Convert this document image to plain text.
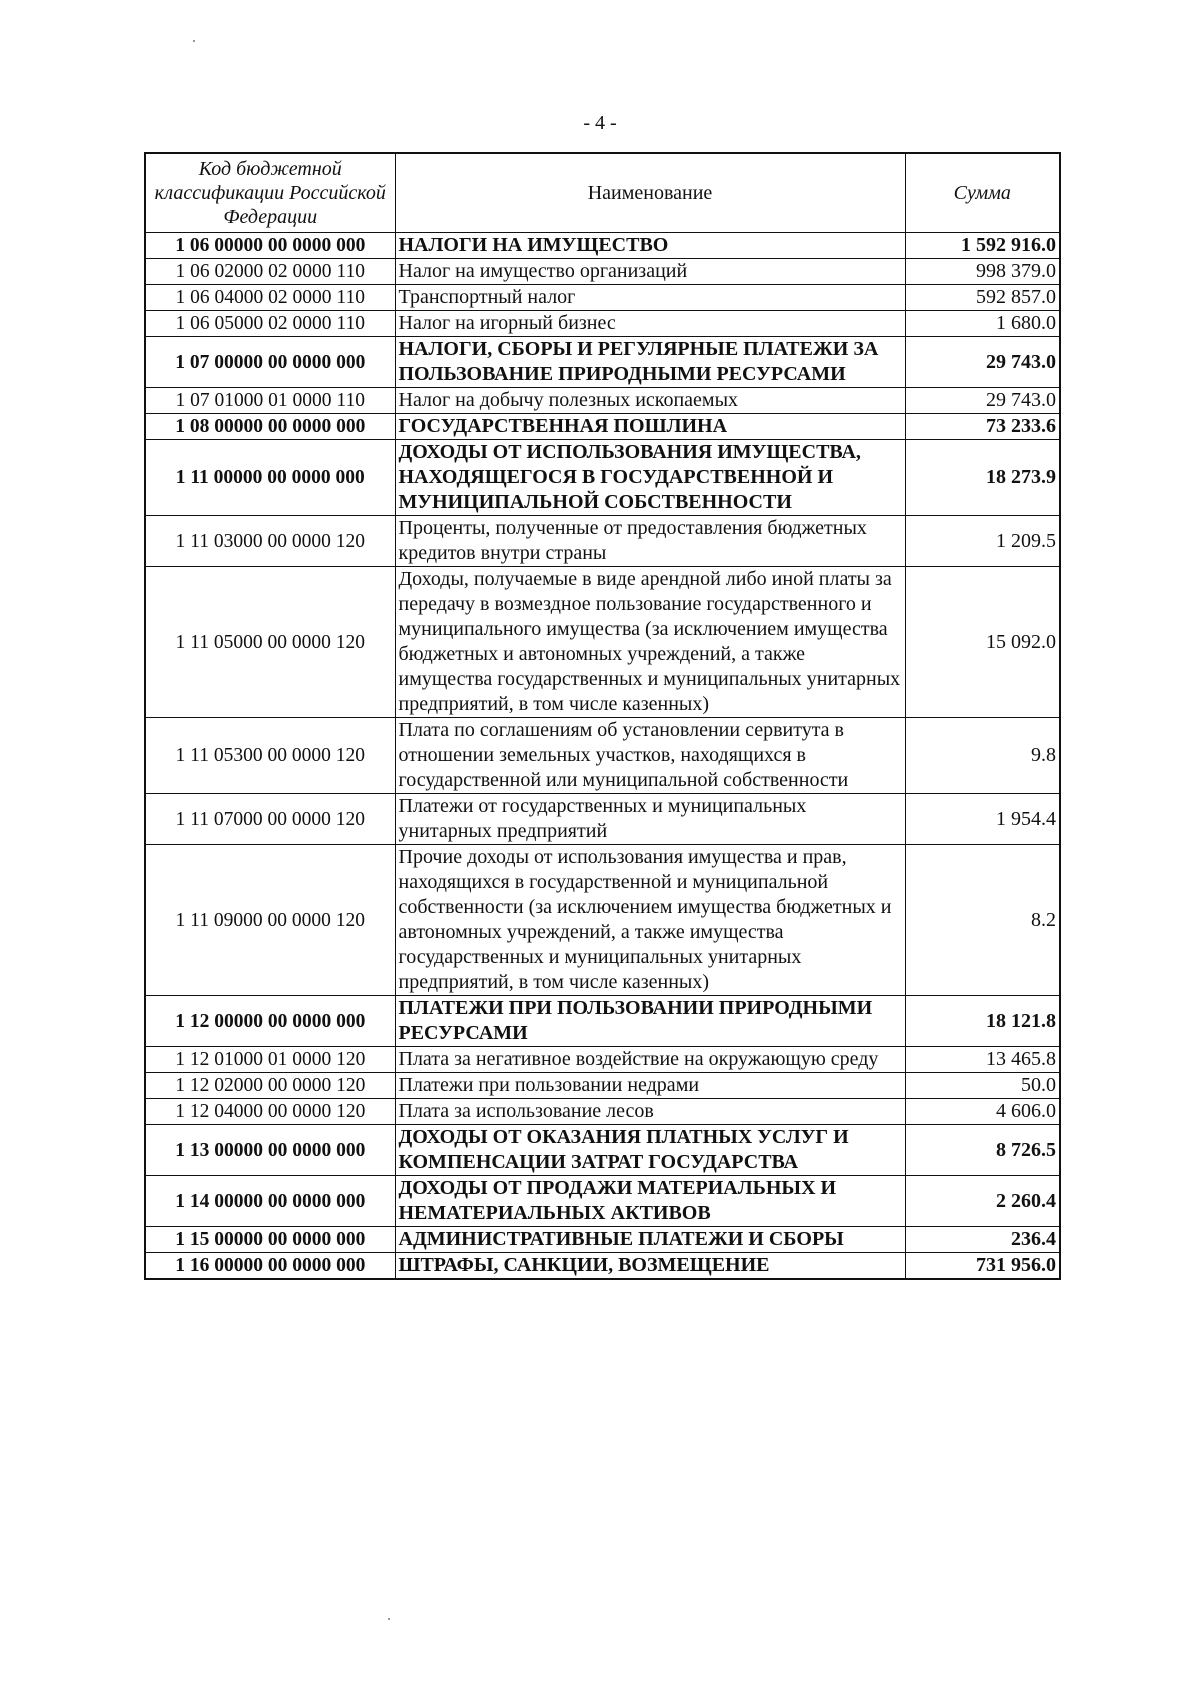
- 4 -
Код бюджетной классификации Российской Федерации	Наименование	Сумма
1 06 00000 00 0000 000	НАЛОГИ НА ИМУЩЕСТВО	1 592 916.0
1 06 02000 02 0000 110	Налог на имущество организаций	998 379.0
1 06 04000 02 0000 110	Транспортный налог	592 857.0
1 06 05000 02 0000 110	Налог на игорный бизнес	1 680.0
1 07 00000 00 0000 000	НАЛОГИ, СБОРЫ И РЕГУЛЯРНЫЕ ПЛАТЕЖИ ЗА ПОЛЬЗОВАНИЕ ПРИРОДНЫМИ РЕСУРСАМИ	29 743.0
1 07 01000 01 0000 110	Налог на добычу полезных ископаемых	29 743.0
1 08 00000 00 0000 000	ГОСУДАРСТВЕННАЯ ПОШЛИНА	73 233.6
1 11 00000 00 0000 000	ДОХОДЫ ОТ ИСПОЛЬЗОВАНИЯ ИМУЩЕСТВА, НАХОДЯЩЕГОСЯ В ГОСУДАРСТВЕННОЙ И МУНИЦИПАЛЬНОЙ СОБСТВЕННОСТИ	18 273.9
1 11 03000 00 0000 120	Проценты, полученные от предоставления бюджетных кредитов внутри страны	1 209.5
1 11 05000 00 0000 120	Доходы, получаемые в виде арендной либо иной платы за передачу в возмездное пользование государственного и муниципального имущества (за исключением имущества бюджетных и автономных учреждений, а также имущества государственных и муниципальных унитарных предприятий, в том числе казенных)	15 092.0
1 11 05300 00 0000 120	Плата по соглашениям об установлении сервитута в отношении земельных участков, находящихся в государственной или муниципальной собственности	9.8
1 11 07000 00 0000 120	Платежи от государственных и муниципальных унитарных предприятий	1 954.4
1 11 09000 00 0000 120	Прочие доходы от использования имущества и прав, находящихся в государственной и муниципальной собственности (за исключением имущества бюджетных и автономных учреждений, а также имущества государственных и муниципальных унитарных предприятий, в том числе казенных)	8.2
1 12 00000 00 0000 000	ПЛАТЕЖИ ПРИ ПОЛЬЗОВАНИИ ПРИРОДНЫМИ РЕСУРСАМИ	18 121.8
1 12 01000 01 0000 120	Плата за негативное воздействие на окружающую среду	13 465.8
1 12 02000 00 0000 120	Платежи при пользовании недрами	50.0
1 12 04000 00 0000 120	Плата за использование лесов	4 606.0
1 13 00000 00 0000 000	ДОХОДЫ ОТ ОКАЗАНИЯ ПЛАТНЫХ УСЛУГ И КОМПЕНСАЦИИ ЗАТРАТ ГОСУДАРСТВА	8 726.5
1 14 00000 00 0000 000	ДОХОДЫ ОТ ПРОДАЖИ МАТЕРИАЛЬНЫХ И НЕМАТЕРИАЛЬНЫХ АКТИВОВ	2 260.4
1 15 00000 00 0000 000	АДМИНИСТРАТИВНЫЕ ПЛАТЕЖИ И СБОРЫ	236.4
1 16 00000 00 0000 000	ШТРАФЫ, САНКЦИИ, ВОЗМЕЩЕНИЕ	731 956.0
